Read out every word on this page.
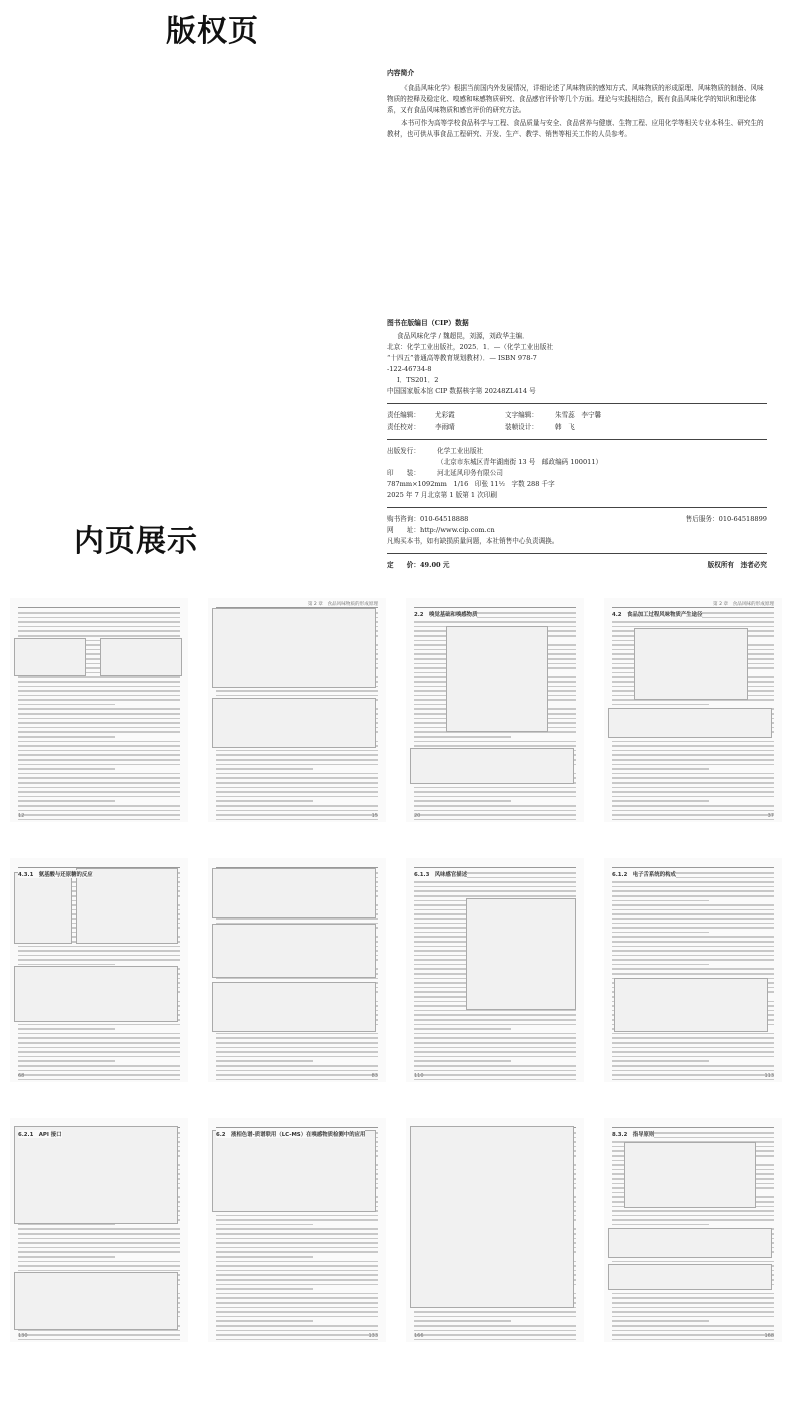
版权页
内容简介

《食品风味化学》根据当前国内外发展情况，详细论述了风味物质的感知方式、风味物质的形成原理、风味物质的制备、风味物质的控释及稳定化、嗅感和味感物质研究、食品感官评价等几个方面。理论与实践相结合，既有食品风味化学的知识和理论体系，又有食品风味物质和感官评价的研究方法。

本书可作为高等学校食品科学与工程、食品质量与安全、食品营养与健康、生物工程、应用化学等相关专业本科生、研究生的教材，也可供从事食品工程研究、开发、生产、教学、销售等相关工作的人员参考。

图书在版编目（CIP）数据
食品风味化学 / 魏超昆，刘源，刘政华主编．
北京：化学工业出版社，2025．1．—（化学工业出版社
“十四五”普通高等教育规划教材）．— ISBN 978-7
-122-46734-8
Ⅰ．TS201．2
中国国家版本馆 CIP 数据核字第 20248ZL414 号
责任编辑：	尤彩霞	文字编辑：	朱雪蕊　李宁馨
责任校对：	李雨晴	装帧设计：	韩　飞
出版发行：	化学工业出版社
（北京市东城区青年湖南街 13 号　邮政编码 100011）
印　　装：	河北延风印务有限公司
787mm×1092mm　1/16　印张 11½　字数 288 千字
2025 年 7 月北京第 1 版第 1 次印刷
购书咨询：010-64518888	售后服务：010-64518899
网　　址：http://www.cip.com.cn
凡购买本书，如有缺损质量问题，本社销售中心负责调换。
定　　价：49.00 元	版权所有　违者必究
内页展示
12
第 2 章　食品风味物质的形成原理
15
2.2　嗅觉基础和嗅感物质
20
第 2 章　食品风味的形成原理
4.2　食品加工过程风味物质产生途径
37
4.3.1　氨基酸与还原糖的反应
68	83
6.1.3　风味感官描述
110
6.1.2　电子舌系统的构成
113
6.2.1　API 接口
130
6.2　液相色谱-质谱联用（LC-MS）在嗅感物质检测中的应用
133	166
8.3.2　指导原则
168
